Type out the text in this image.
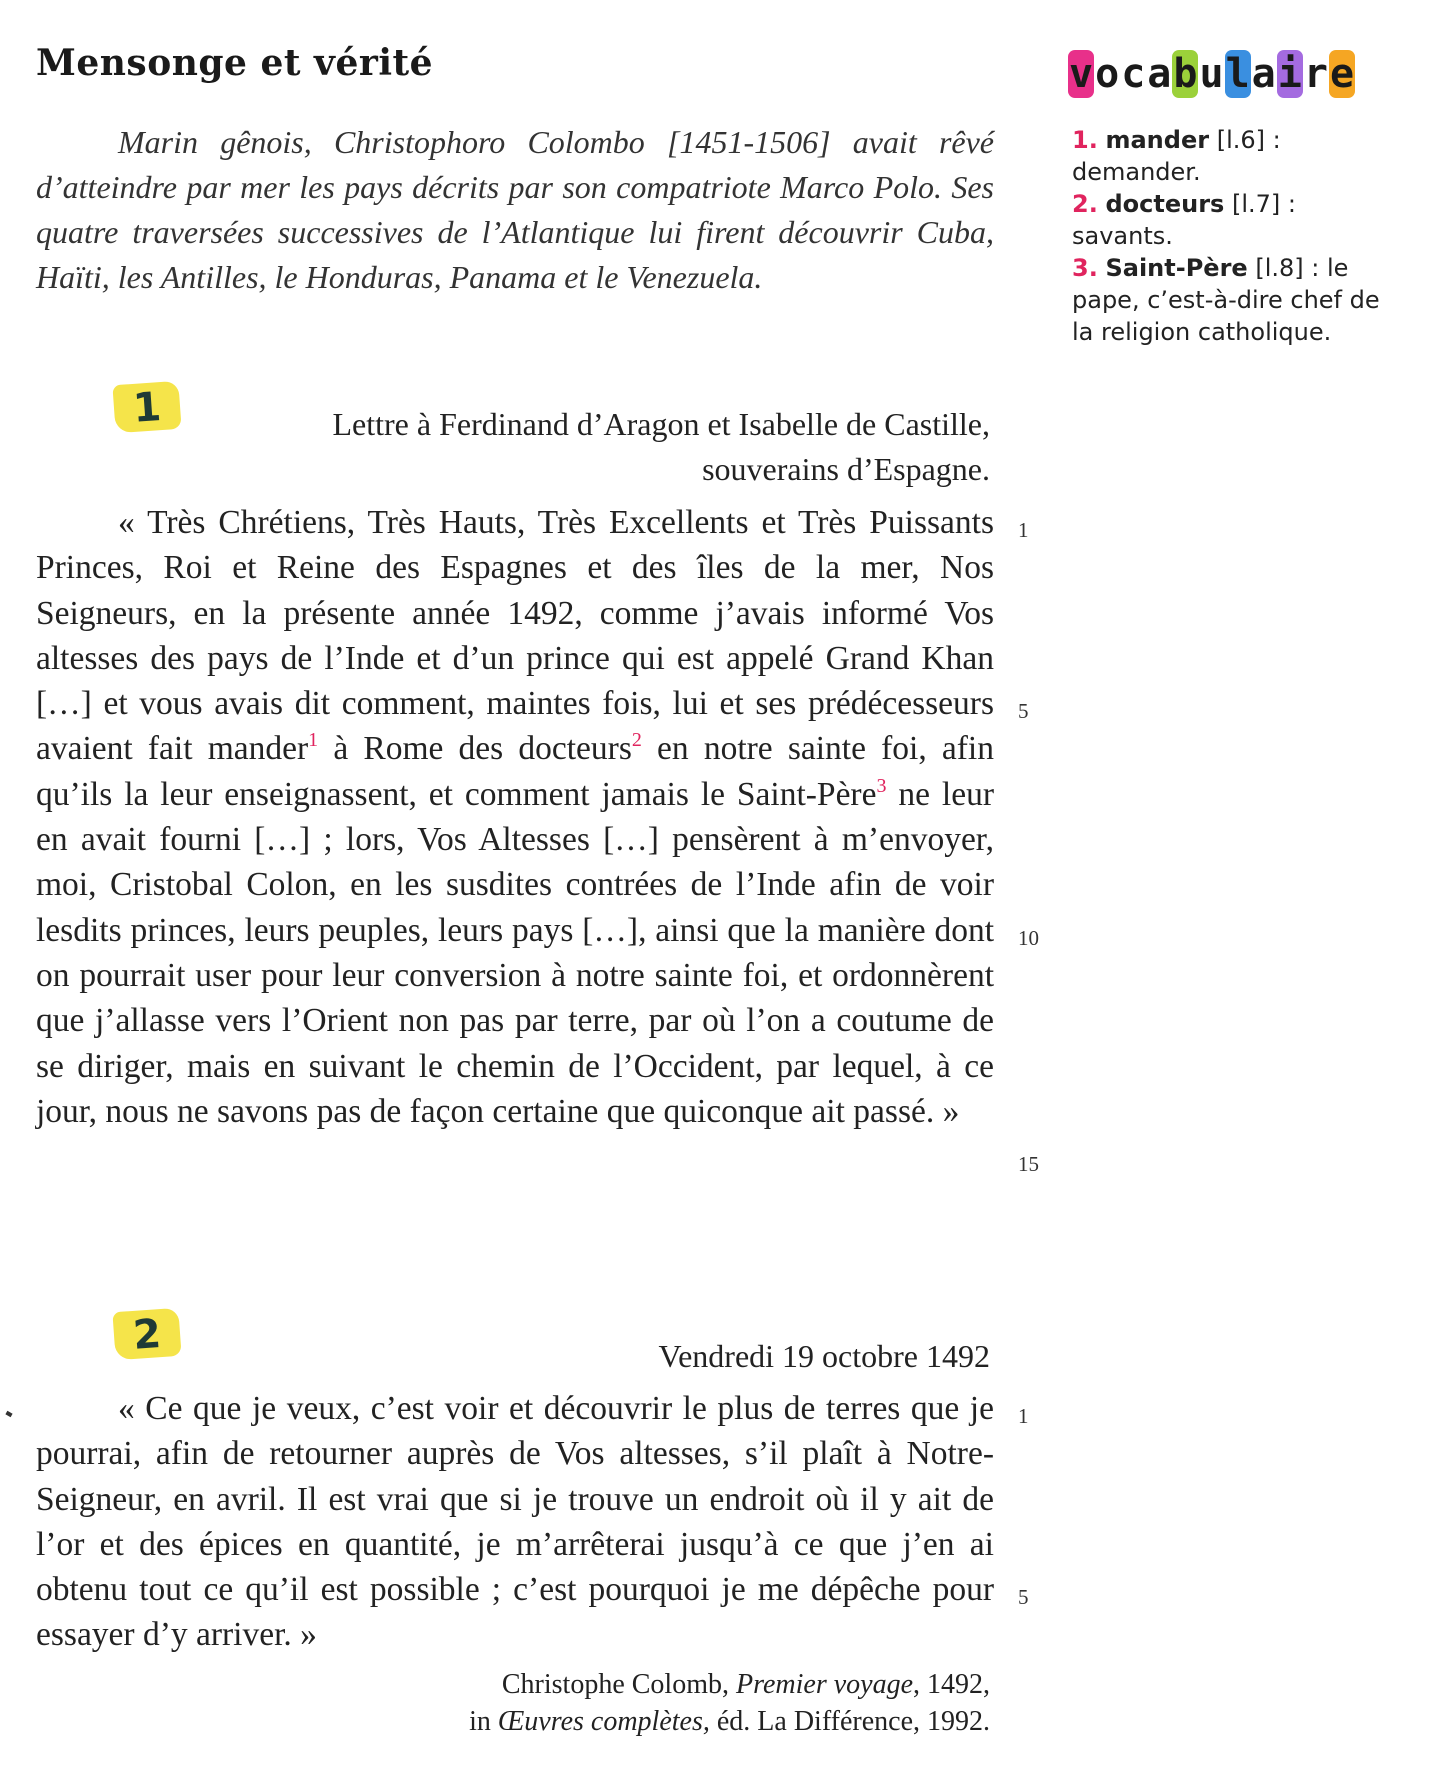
Mensonge et vérité

Marin gênois, Christophoro Colombo [1451-1506] avait rêvé d’atteindre par mer les pays décrits par son compatriote Marco Polo. Ses quatre traversées successives de l’Atlantique lui firent découvrir Cuba, Haïti, les Antilles, le Honduras, Panama et le Venezuela.

v o c a b u l a i r e

1. mander [l.6] : demander.

2. docteurs [l.7] : savants.

3. Saint-Père [l.8] : le pape, c’est-à-dire chef de la religion catholique.

1	Lettre à Ferdinand d’Aragon et Isabelle de Castille,
souverains d’Espagne.

« Très Chrétiens, Très Hauts, Très Excellents et Très Puissants Princes, Roi et Reine des Espagnes et des îles de la mer, Nos Seigneurs, en la présente année 1492, comme j’avais informé Vos altesses des pays de l’Inde et d’un prince qui est appelé Grand Khan […] et vous avais dit comment, maintes fois, lui et ses prédécesseurs avaient fait mander$^1$ à Rome des docteurs$^2$ en notre sainte foi, afin qu’ils la leur enseignassent, et comment jamais le Saint-Père$^3$ ne leur en avait fourni […] ; lors, Vos Altesses […] pensèrent à m’envoyer, moi, Cristobal Colon, en les susdites contrées de l’Inde afin de voir lesdits princes, leurs peuples, leurs pays […], ainsi que la manière dont on pourrait user pour leur conversion à notre sainte foi, et ordonnèrent que j’allasse vers l’Orient non pas par terre, par où l’on a coutume de se diriger, mais en suivant le chemin de l’Occident, par lequel, à ce jour, nous ne savons pas de façon certaine que quiconque ait passé. »

1
5
10
15
2	Vendredi 19 octobre 1492

« Ce que je veux, c’est voir et découvrir le plus de terres que je pourrai, afin de retourner auprès de Vos altesses, s’il plaît à Notre-Seigneur, en avril. Il est vrai que si je trouve un endroit où il y ait de l’or et des épices en quantité, je m’arrêterai jusqu’à ce que j’en ai obtenu tout ce qu’il est possible ; c’est pourquoi je me dépêche pour essayer d’y arriver. »

1
5
Christophe Colomb, Premier voyage, 1492,
in Œuvres complètes, éd. La Différence, 1992.
